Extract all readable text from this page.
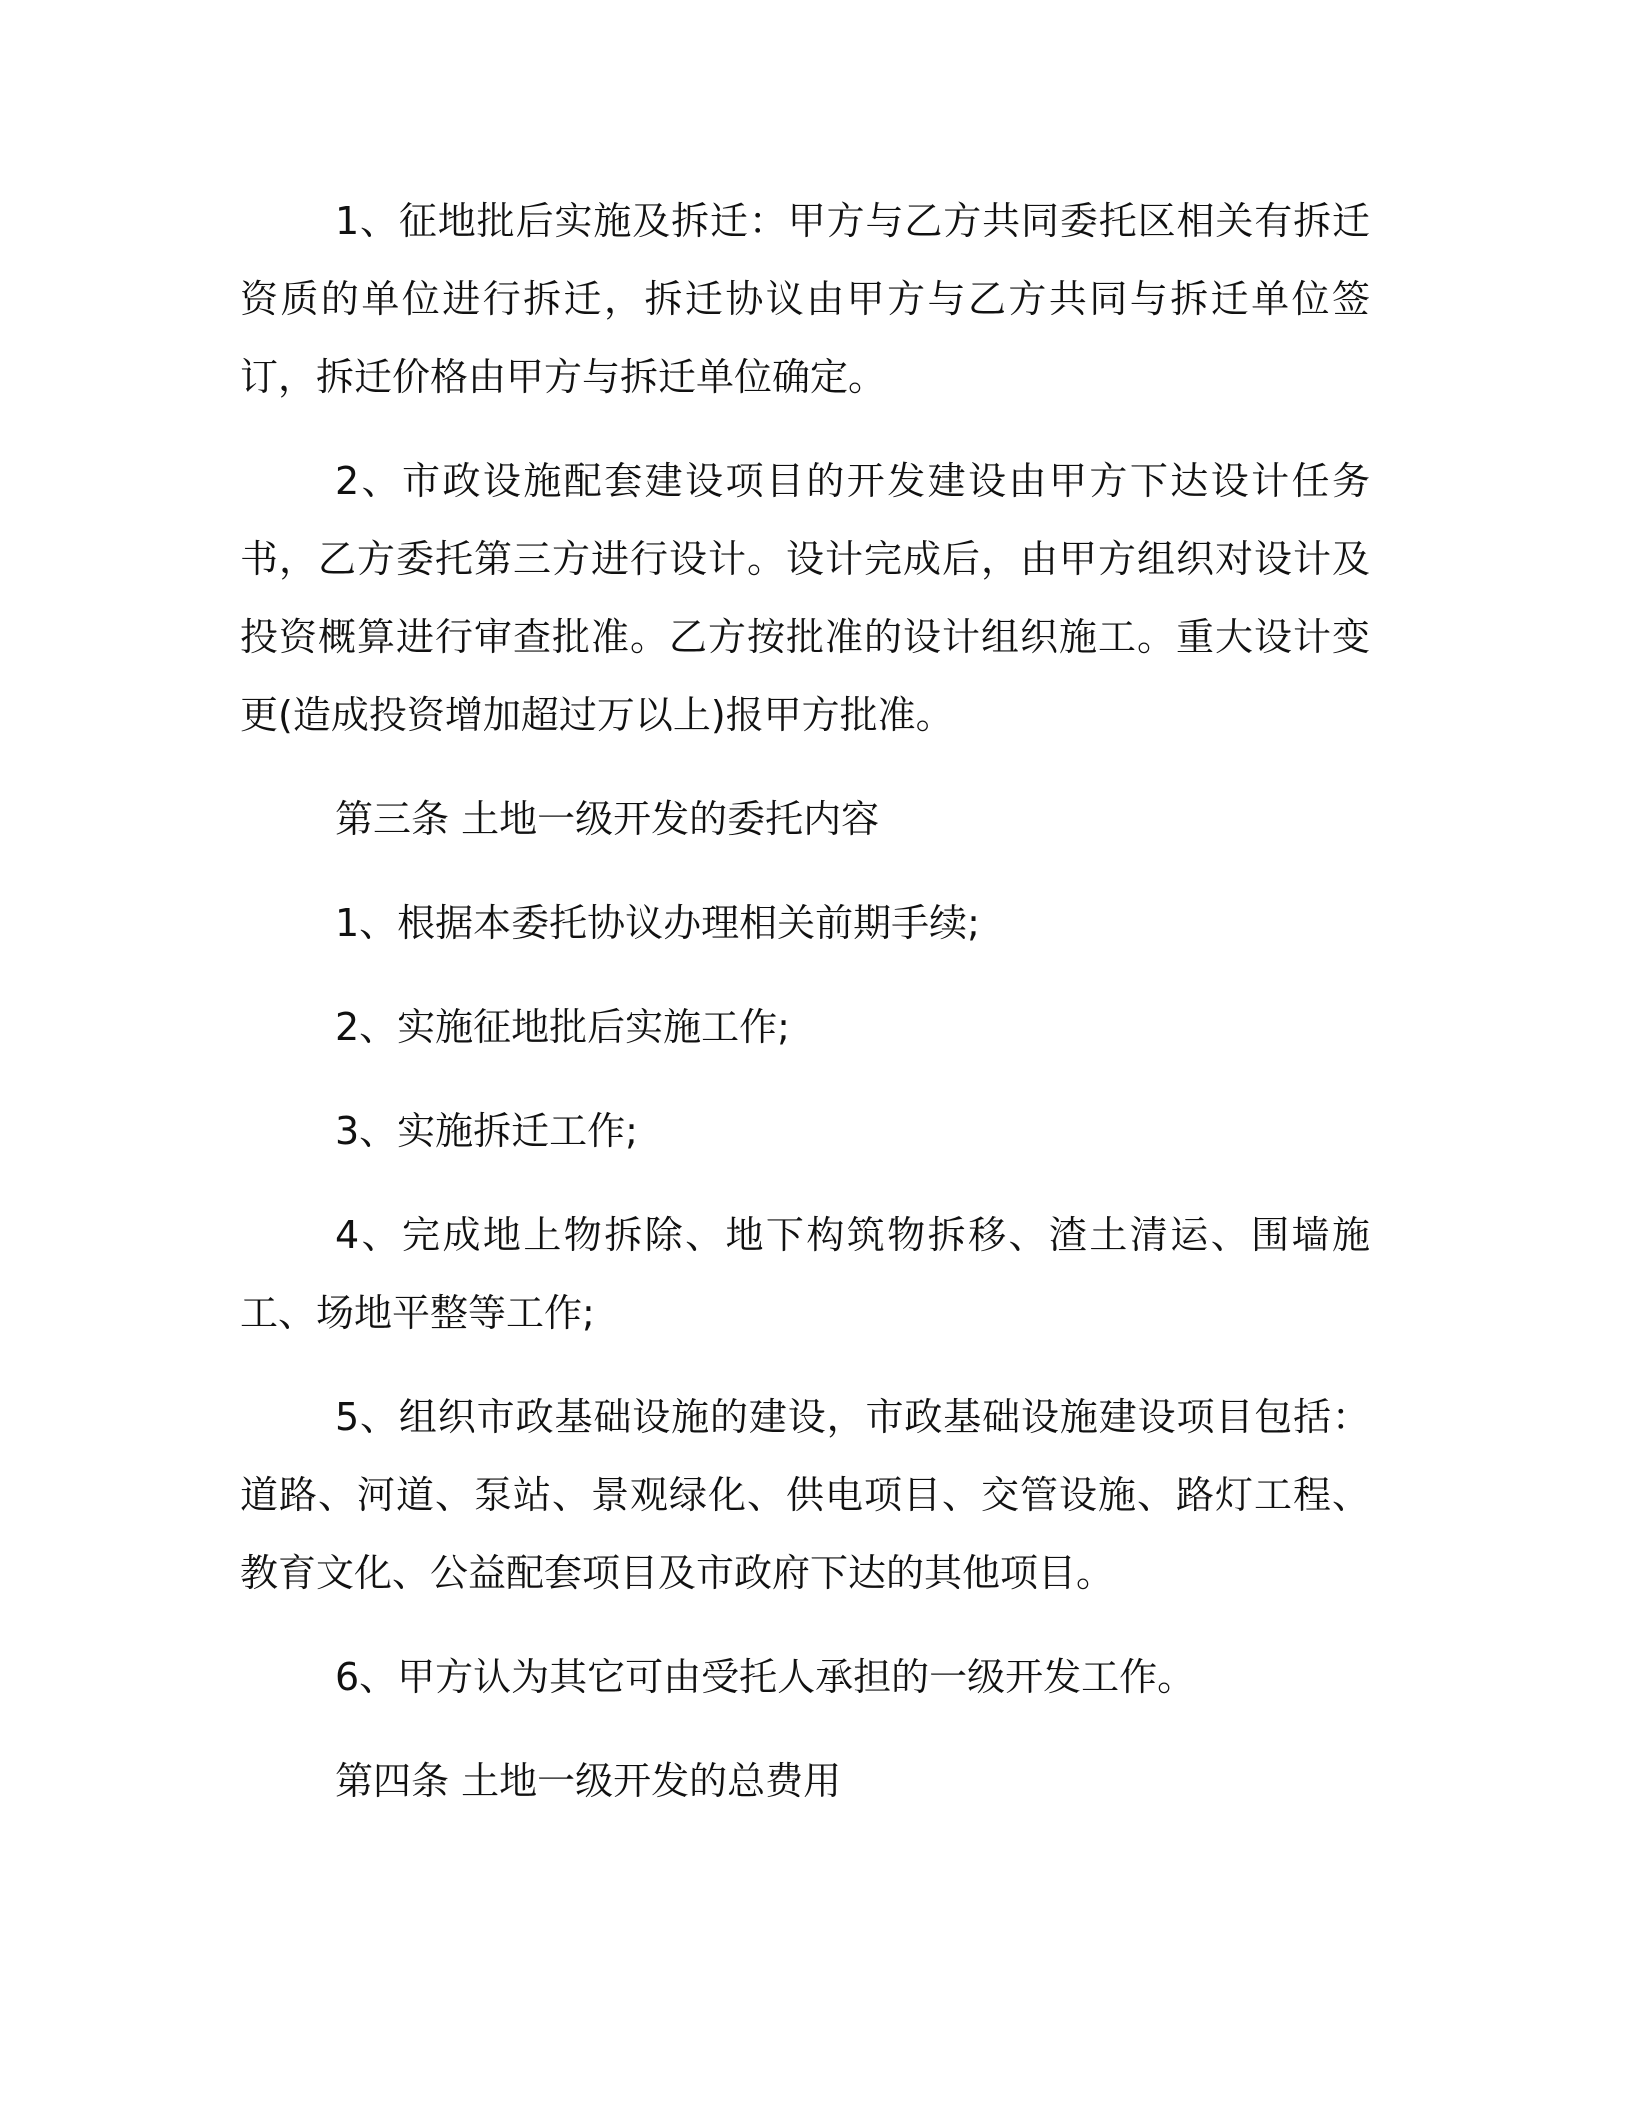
1、征地批后实施及拆迁：甲方与乙方共同委托区相关有拆迁资质的单位进行拆迁，拆迁协议由甲方与乙方共同与拆迁单位签订，拆迁价格由甲方与拆迁单位确定。

2、市政设施配套建设项目的开发建设由甲方下达设计任务书，乙方委托第三方进行设计。设计完成后，由甲方组织对设计及投资概算进行审查批准。乙方按批准的设计组织施工。重大设计变更(造成投资增加超过万以上)报甲方批准。

第三条 土地一级开发的委托内容

1、根据本委托协议办理相关前期手续;

2、实施征地批后实施工作;

3、实施拆迁工作;

4、完成地上物拆除、地下构筑物拆移、渣土清运、围墙施工、场地平整等工作;

5、组织市政基础设施的建设，市政基础设施建设项目包括：道路、河道、泵站、景观绿化、供电项目、交管设施、路灯工程、教育文化、公益配套项目及市政府下达的其他项目。

6、甲方认为其它可由受托人承担的一级开发工作。

第四条 土地一级开发的总费用
